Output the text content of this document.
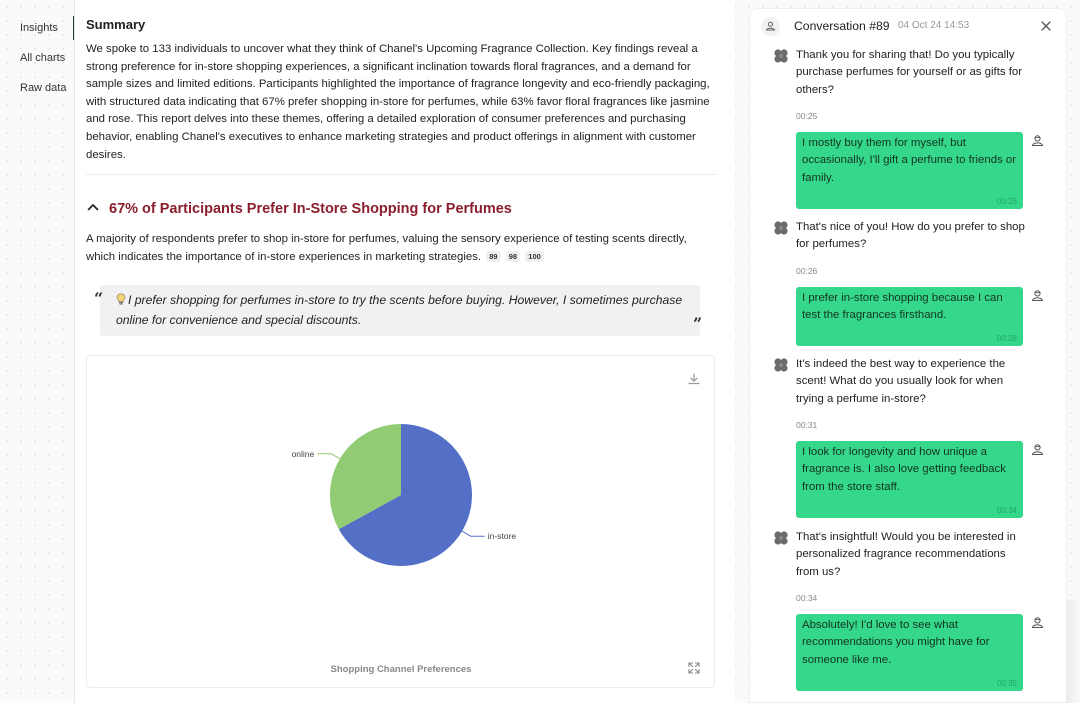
Insights
All charts
Raw data
Summary
We spoke to 133 individuals to uncover what they think of Chanel's Upcoming Fragrance Collection. Key findings reveal a strong preference for in-store shopping experiences, a significant inclination towards floral fragrances, and a demand for sample sizes and limited editions. Participants highlighted the importance of fragrance longevity and eco-friendly packaging, with structured data indicating that 67% prefer shopping in-store for perfumes, while 63% favor floral fragrances like jasmine and rose. This report delves into these themes, offering a detailed exploration of consumer preferences and purchasing behavior, enabling Chanel's executives to enhance marketing strategies and product offerings in alignment with customer desires.
67% of Participants Prefer In-Store Shopping for Perfumes
A majority of respondents prefer to shop in-store for perfumes, valuing the sensory experience of testing scents directly, which indicates the importance of in-store experiences in marketing strategies. 89 98 100
“	I prefer shopping for perfumes in-store to try the scents before buying. However, I sometimes purchase online for convenience and special discounts.	”
in-store
online
Shopping Channel Preferences
Conversation #89 04 Oct 24 14:53
Thank you for sharing that! Do you typically purchase perfumes for yourself or as gifts for others?
00:25
I mostly buy them for myself, but occasionally, I'll gift a perfume to friends or family.
00:25
That's nice of you! How do you prefer to shop for perfumes?
00:26
I prefer in-store shopping because I can test the fragrances firsthand.
00:28
It's indeed the best way to experience the scent! What do you usually look for when trying a perfume in-store?
00:31
I look for longevity and how unique a fragrance is. I also love getting feedback from the store staff.
00:34
That's insightful! Would you be interested in personalized fragrance recommendations from us?
00:34
Absolutely! I'd love to see what recommendations you might have for someone like me.
00:35
